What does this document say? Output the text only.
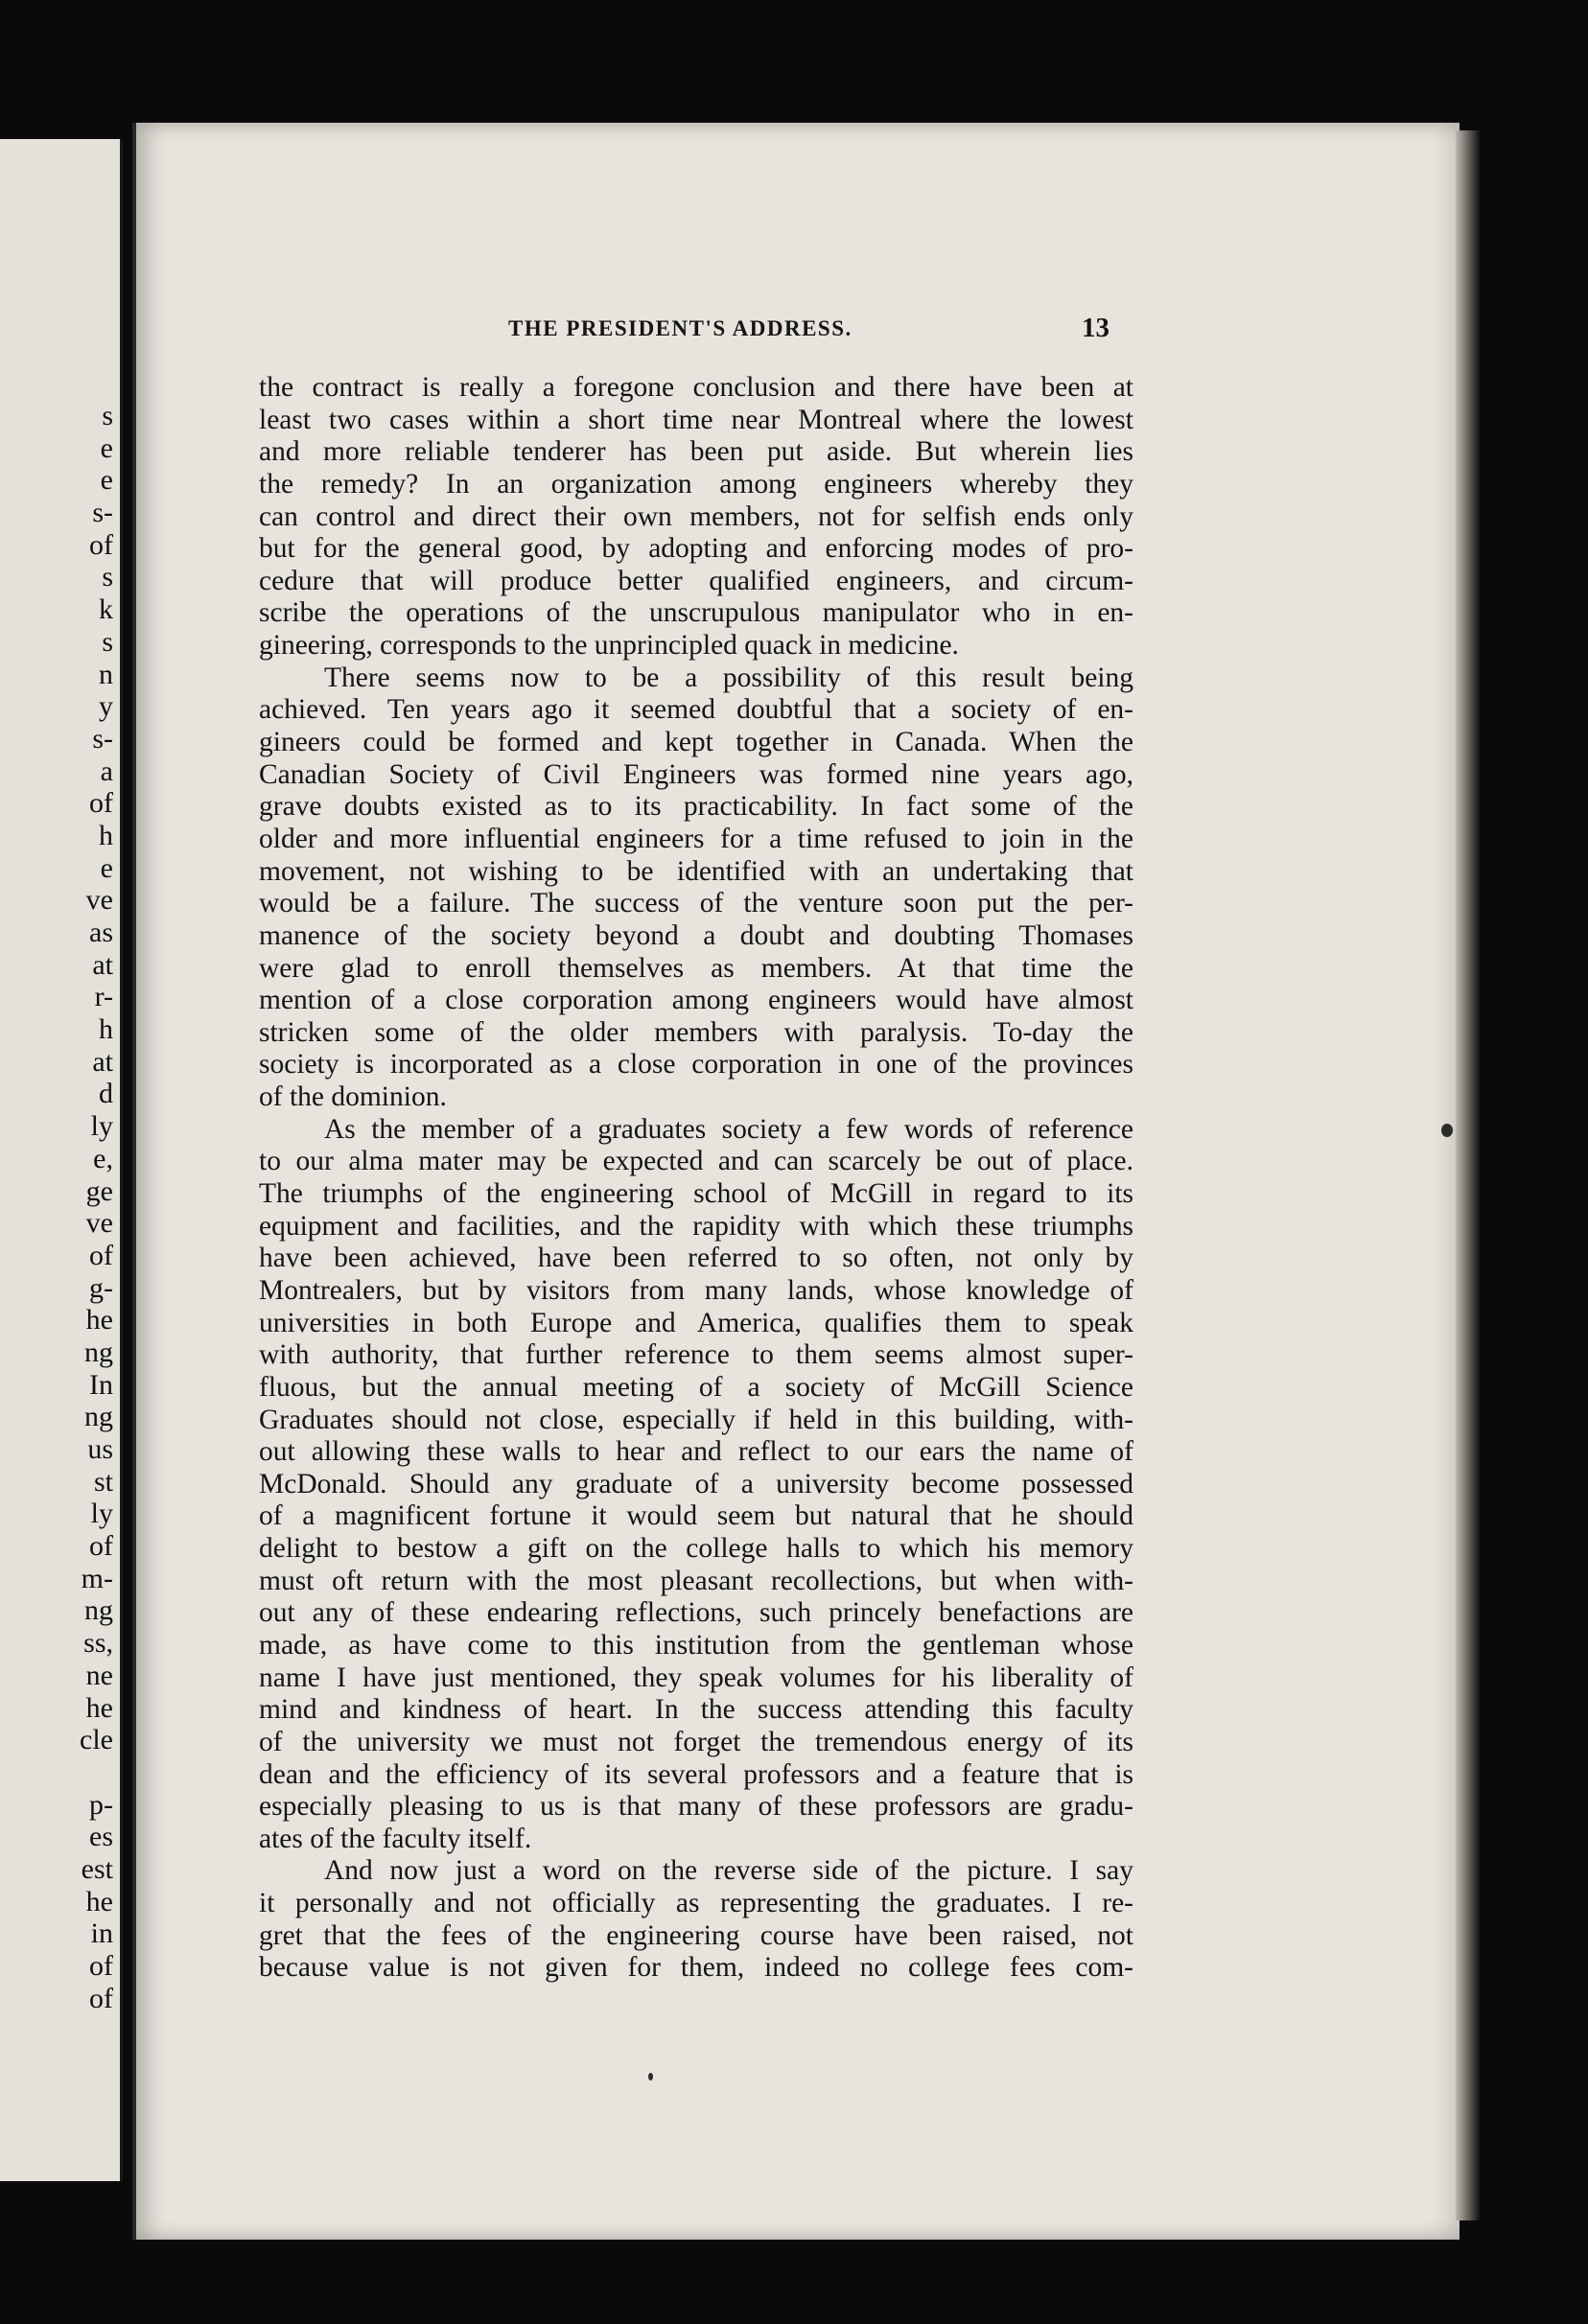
s
e
e
s-
of
s
k
s
n
y
s-
a
of
h
e
ve
as
at
r-
h
at
d
ly
e,
ge
ve
of
g-
he
ng
In
ng
us
st
ly
of
m-
ng
ss,
ne
he
cle
p-
es
est
he
in
of
of
THE PRESIDENT'S ADDRESS.	13
the contract is really a foregone conclusion and there have been at
least two cases within a short time near Montreal where the lowest
and more reliable tenderer has been put aside. But wherein lies
the remedy? In an organization among engineers whereby they
can control and direct their own members, not for selfish ends only
but for the general good, by adopting and enforcing modes of pro-
cedure that will produce better qualified engineers, and circum-
scribe the operations of the unscrupulous manipulator who in en-
gineering, corresponds to the unprincipled quack in medicine.
There seems now to be a possibility of this result being
achieved. Ten years ago it seemed doubtful that a society of en-
gineers could be formed and kept together in Canada. When the
Canadian Society of Civil Engineers was formed nine years ago,
grave doubts existed as to its practicability. In fact some of the
older and more influential engineers for a time refused to join in the
movement, not wishing to be identified with an undertaking that
would be a failure. The success of the venture soon put the per-
manence of the society beyond a doubt and doubting Thomases
were glad to enroll themselves as members. At that time the
mention of a close corporation among engineers would have almost
stricken some of the older members with paralysis. To-day the
society is incorporated as a close corporation in one of the provinces
of the dominion.
As the member of a graduates society a few words of reference
to our alma mater may be expected and can scarcely be out of place.
The triumphs of the engineering school of McGill in regard to its
equipment and facilities, and the rapidity with which these triumphs
have been achieved, have been referred to so often, not only by
Montrealers, but by visitors from many lands, whose knowledge of
universities in both Europe and America, qualifies them to speak
with authority, that further reference to them seems almost super-
fluous, but the annual meeting of a society of McGill Science
Graduates should not close, especially if held in this building, with-
out allowing these walls to hear and reflect to our ears the name of
McDonald. Should any graduate of a university become possessed
of a magnificent fortune it would seem but natural that he should
delight to bestow a gift on the college halls to which his memory
must oft return with the most pleasant recollections, but when with-
out any of these endearing reflections, such princely benefactions are
made, as have come to this institution from the gentleman whose
name I have just mentioned, they speak volumes for his liberality of
mind and kindness of heart. In the success attending this faculty
of the university we must not forget the tremendous energy of its
dean and the efficiency of its several professors and a feature that is
especially pleasing to us is that many of these professors are gradu-
ates of the faculty itself.
And now just a word on the reverse side of the picture. I say
it personally and not officially as representing the graduates. I re-
gret that the fees of the engineering course have been raised, not
because value is not given for them, indeed no college fees com-
